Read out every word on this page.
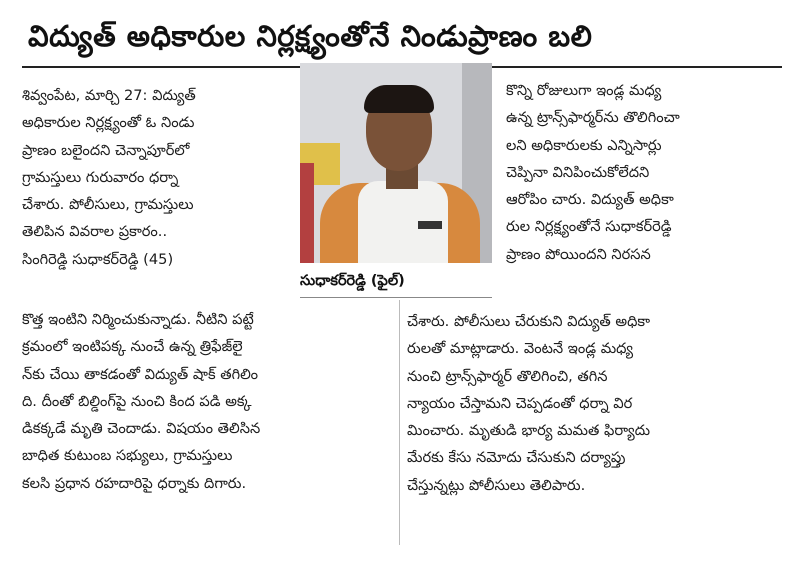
విద్యుత్ అధికారుల నిర్లక్ష్యంతోనే నిండుప్రాణం బలి
శివ్వంపేట, మార్చి 27: విద్యుత్
అధికారుల నిర్లక్ష్యంతో ఓ నిండు
ప్రాణం బలైందని చెన్నాపూర్‌లో
గ్రామస్తులు గురువారం ధర్నా
చేశారు. పోలీసులు, గ్రామస్తులు
తెలిపిన వివరాల ప్రకారం..
సింగిరెడ్డి సుధాకర్‌రెడ్డి (45)
సుధాకర్‌రెడ్డి (ఫైల్)
కొన్ని రోజులుగా ఇండ్ల మధ్య
ఉన్న ట్రాన్స్‌ఫార్మర్‌ను తొలిగించా
లని అధికారులకు ఎన్నిసార్లు
చెప్పినా వినిపించుకోలేదని
ఆరోపిం చారు. విద్యుత్ అధికా
రుల నిర్లక్ష్యంతోనే సుధాకర్‌రెడ్డి
ప్రాణం పోయిందని నిరసన
కొత్త ఇంటిని నిర్మించుకున్నాడు. నీటిని పట్టే
క్రమంలో ఇంటిపక్క నుంచే ఉన్న త్రిఫేజ్‌లై
న్‌కు చేయి తాకడంతో విద్యుత్ షాక్ తగిలిం
ది. దీంతో బిల్డింగ్‌పై నుంచి కింద పడి అక్క
డికక్కడే మృతి చెందాడు. విషయం తెలిసిన
బాధిత కుటుంబ సభ్యులు, గ్రామస్తులు
కలసి ప్రధాన రహదారిపై ధర్నాకు దిగారు.
చేశారు. పోలీసులు చేరుకుని విద్యుత్ అధికా
రులతో మాట్లాడారు. వెంటనే ఇండ్ల మధ్య
నుంచి ట్రాన్స్‌ఫార్మర్ తొలిగించి, తగిన
న్యాయం చేస్తామని చెప్పడంతో ధర్నా విర
మించారు. మృతుడి భార్య మమత ఫిర్యాదు
మేరకు కేసు నమోదు చేసుకుని దర్యాప్తు
చేస్తున్నట్లు పోలీసులు తెలిపారు.
